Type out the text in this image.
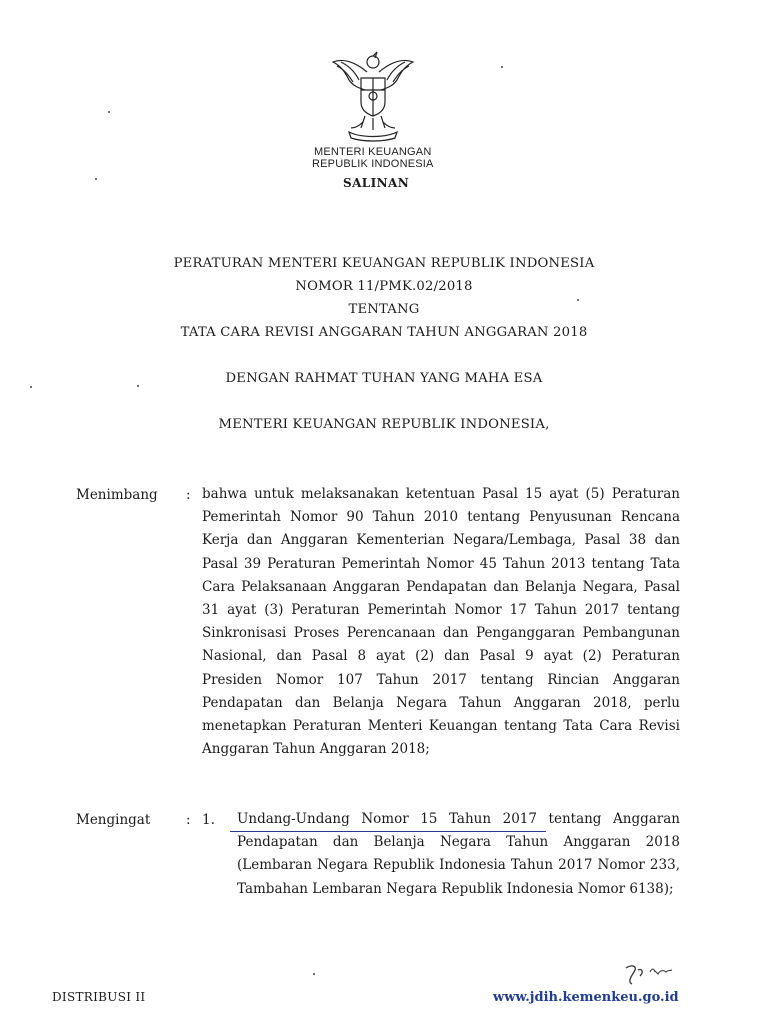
MENTERI KEUANGAN
REPUBLIK INDONESIA
SALINAN
PERATURAN MENTERI KEUANGAN REPUBLIK INDONESIA
NOMOR 11/PMK.02/2018
TENTANG
TATA CARA REVISI ANGGARAN TAHUN ANGGARAN 2018
DENGAN RAHMAT TUHAN YANG MAHA ESA
MENTERI KEUANGAN REPUBLIK INDONESIA,
Menimbang : bahwa untuk melaksanakan ketentuan Pasal 15 ayat (5) Peraturan Pemerintah Nomor 90 Tahun 2010 tentang Penyusunan Rencana Kerja dan Anggaran Kementerian Negara/Lembaga, Pasal 38 dan Pasal 39 Peraturan Pemerintah Nomor 45 Tahun 2013 tentang Tata Cara Pelaksanaan Anggaran Pendapatan dan Belanja Negara, Pasal 31 ayat (3) Peraturan Pemerintah Nomor 17 Tahun 2017 tentang Sinkronisasi Proses Perencanaan dan Penganggaran Pembangunan Nasional, dan Pasal 8 ayat (2) dan Pasal 9 ayat (2) Peraturan Presiden Nomor 107 Tahun 2017 tentang Rincian Anggaran Pendapatan dan Belanja Negara Tahun Anggaran 2018, perlu menetapkan Peraturan Menteri Keuangan tentang Tata Cara Revisi Anggaran Tahun Anggaran 2018;

Mengingat	: 1. Undang-Undang Nomor 15 Tahun 2017 tentang Anggaran Pendapatan dan Belanja Negara Tahun Anggaran 2018 (Lembaran Negara Republik Indonesia Tahun 2017 Nomor 233, Tambahan Lembaran Negara Republik Indonesia Nomor 6138);

DISTRIBUSI II	www.jdih.kemenkeu.go.id
